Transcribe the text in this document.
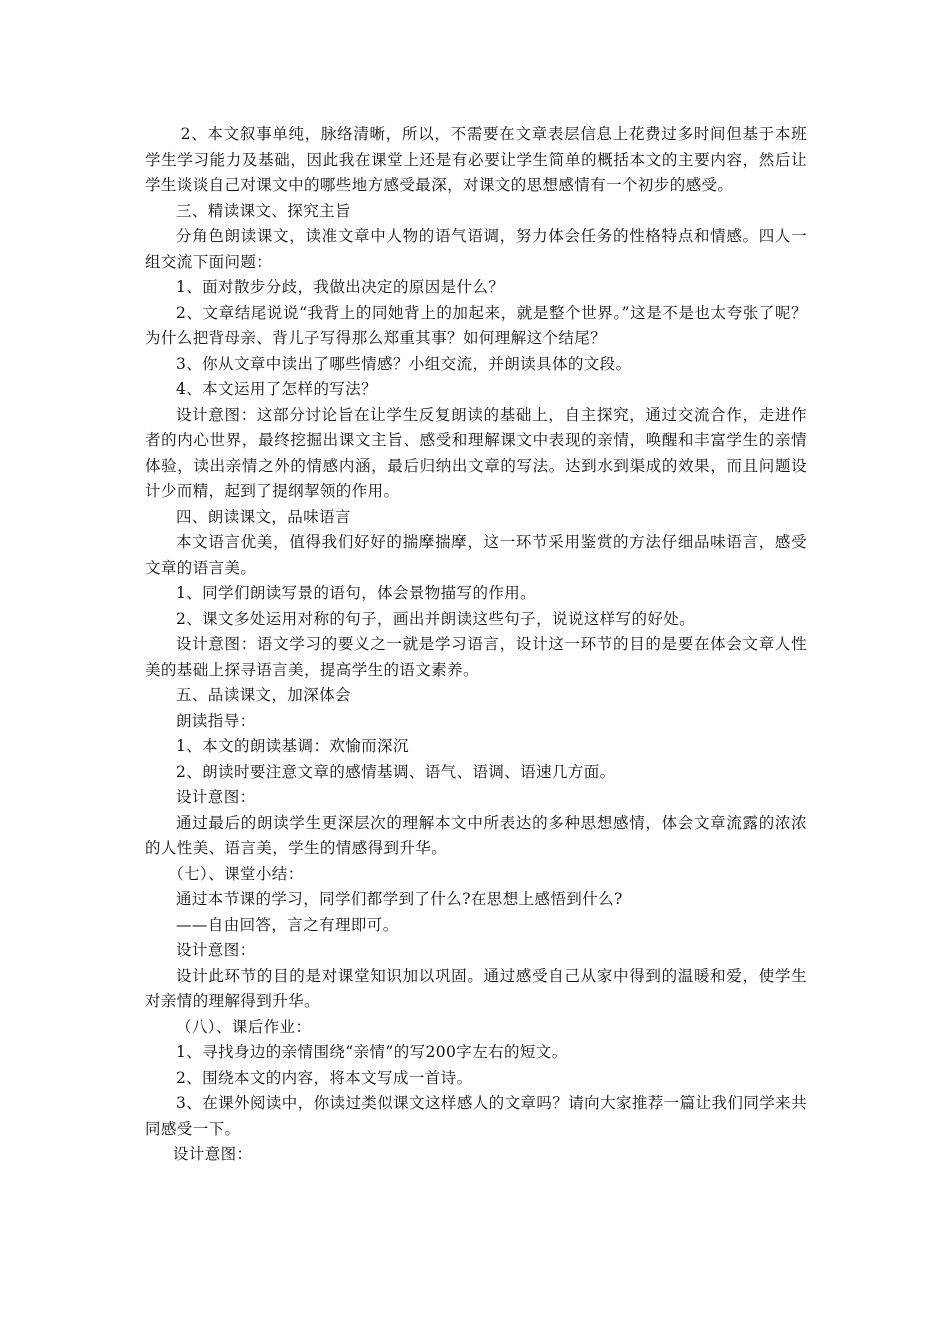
2、本文叙事单纯，脉络清晰，所以，不需要在文章表层信息上花费过多时间但基于本班学生学习能力及基础，因此我在课堂上还是有必要让学生简单的概括本文的主要内容，然后让学生谈谈自己对课文中的哪些地方感受最深，对课文的思想感情有一个初步的感受。

三、精读课文、探究主旨

分角色朗读课文，读准文章中人物的语气语调，努力体会任务的性格特点和情感。四人一组交流下面问题：

1、面对散步分歧，我做出决定的原因是什么？

2、文章结尾说说“我背上的同她背上的加起来，就是整个世界。”这是不是也太夸张了呢？为什么把背母亲、背儿子写得那么郑重其事？如何理解这个结尾？

3、你从文章中读出了哪些情感？小组交流，并朗读具体的文段。

4、本文运用了怎样的写法？

设计意图：这部分讨论旨在让学生反复朗读的基础上，自主探究，通过交流合作，走进作者的内心世界，最终挖掘出课文主旨、感受和理解课文中表现的亲情，唤醒和丰富学生的亲情体验，读出亲情之外的情感内涵，最后归纳出文章的写法。达到水到渠成的效果，而且问题设计少而精，起到了提纲挈领的作用。

四、朗读课文，品味语言

本文语言优美，值得我们好好的揣摩揣摩，这一环节采用鉴赏的方法仔细品味语言，感受文章的语言美。

1、同学们朗读写景的语句，体会景物描写的作用。

2、课文多处运用对称的句子，画出并朗读这些句子，说说这样写的好处。

设计意图：语文学习的要义之一就是学习语言，设计这一环节的目的是要在体会文章人性美的基础上探寻语言美，提高学生的语文素养。

五、品读课文，加深体会

朗读指导：

1、本文的朗读基调：欢愉而深沉

2、朗读时要注意文章的感情基调、语气、语调、语速几方面。

设计意图：

通过最后的朗读学生更深层次的理解本文中所表达的多种思想感情，体会文章流露的浓浓的人性美、语言美，学生的情感得到升华。

（七）、课堂小结：

通过本节课的学习，同学们都学到了什么?在思想上感悟到什么?

——自由回答，言之有理即可。

设计意图：

设计此环节的目的是对课堂知识加以巩固。通过感受自己从家中得到的温暖和爱，使学生对亲情的理解得到升华。

（八）、课后作业：

1、寻找身边的亲情围绕“亲情”的写200字左右的短文。

2、围绕本文的内容，将本文写成一首诗。

3、在课外阅读中，你读过类似课文这样感人的文章吗？请向大家推荐一篇让我们同学来共同感受一下。

设计意图：
